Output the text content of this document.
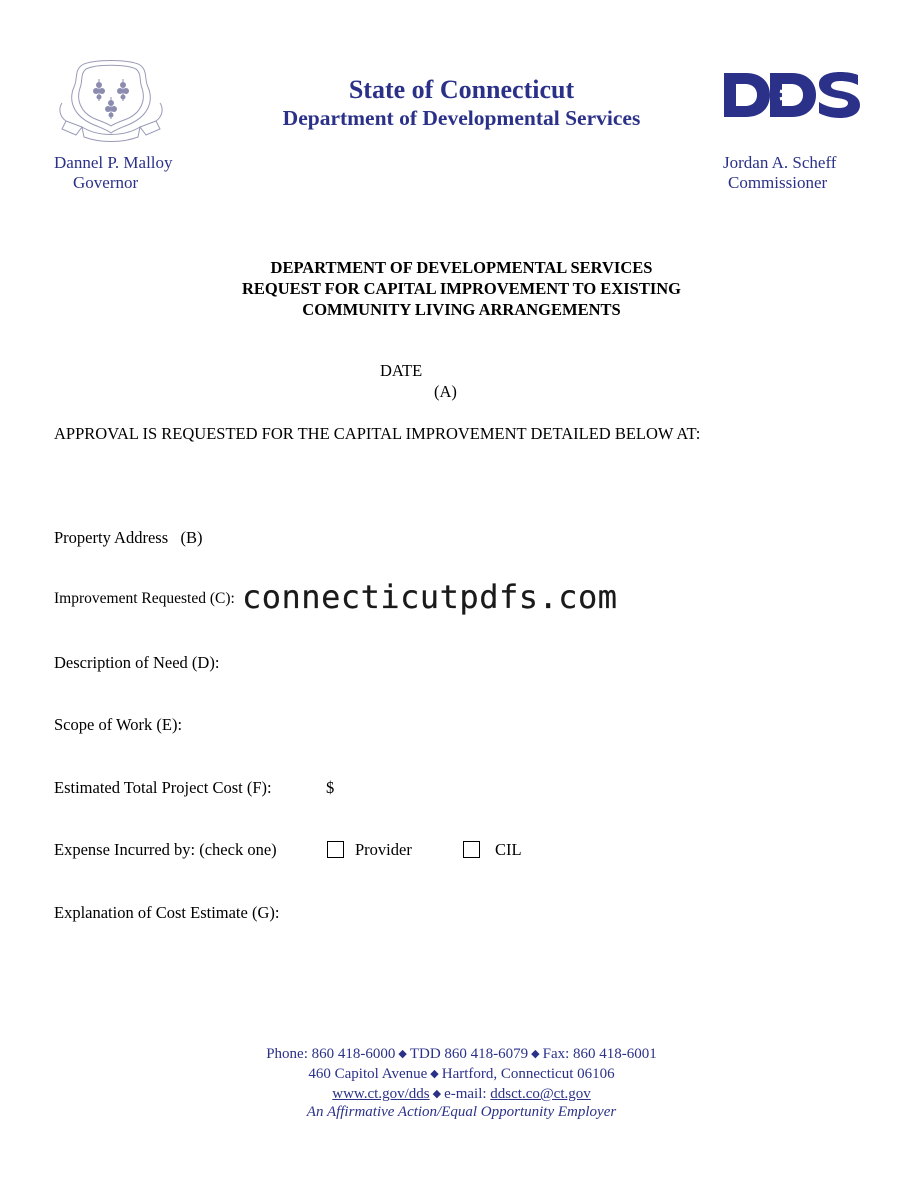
State of Connecticut
Department of Developmental Services
Dannel P. Malloy
Governor
Jordan A. Scheff
Commissioner
DEPARTMENT OF DEVELOPMENTAL SERVICES
REQUEST FOR CAPITAL IMPROVEMENT TO EXISTING
COMMUNITY LIVING ARRANGEMENTS
DATE
(A)
APPROVAL IS REQUESTED FOR THE CAPITAL IMPROVEMENT DETAILED BELOW AT:
Property Address   (B)
Improvement Requested (C):
Description of Need (D):
Scope of Work (E):
Estimated Total Project Cost (F):	$
Expense Incurred by: (check one)	Provider	CIL
Explanation of Cost Estimate (G):
connecticutpdfs.com
Phone: 860 418-6000 ◆ TDD 860 418-6079 ◆ Fax: 860 418-6001
460 Capitol Avenue ◆ Hartford, Connecticut 06106
www.ct.gov/dds ◆ e-mail: ddsct.co@ct.gov
An Affirmative Action/Equal Opportunity Employer
